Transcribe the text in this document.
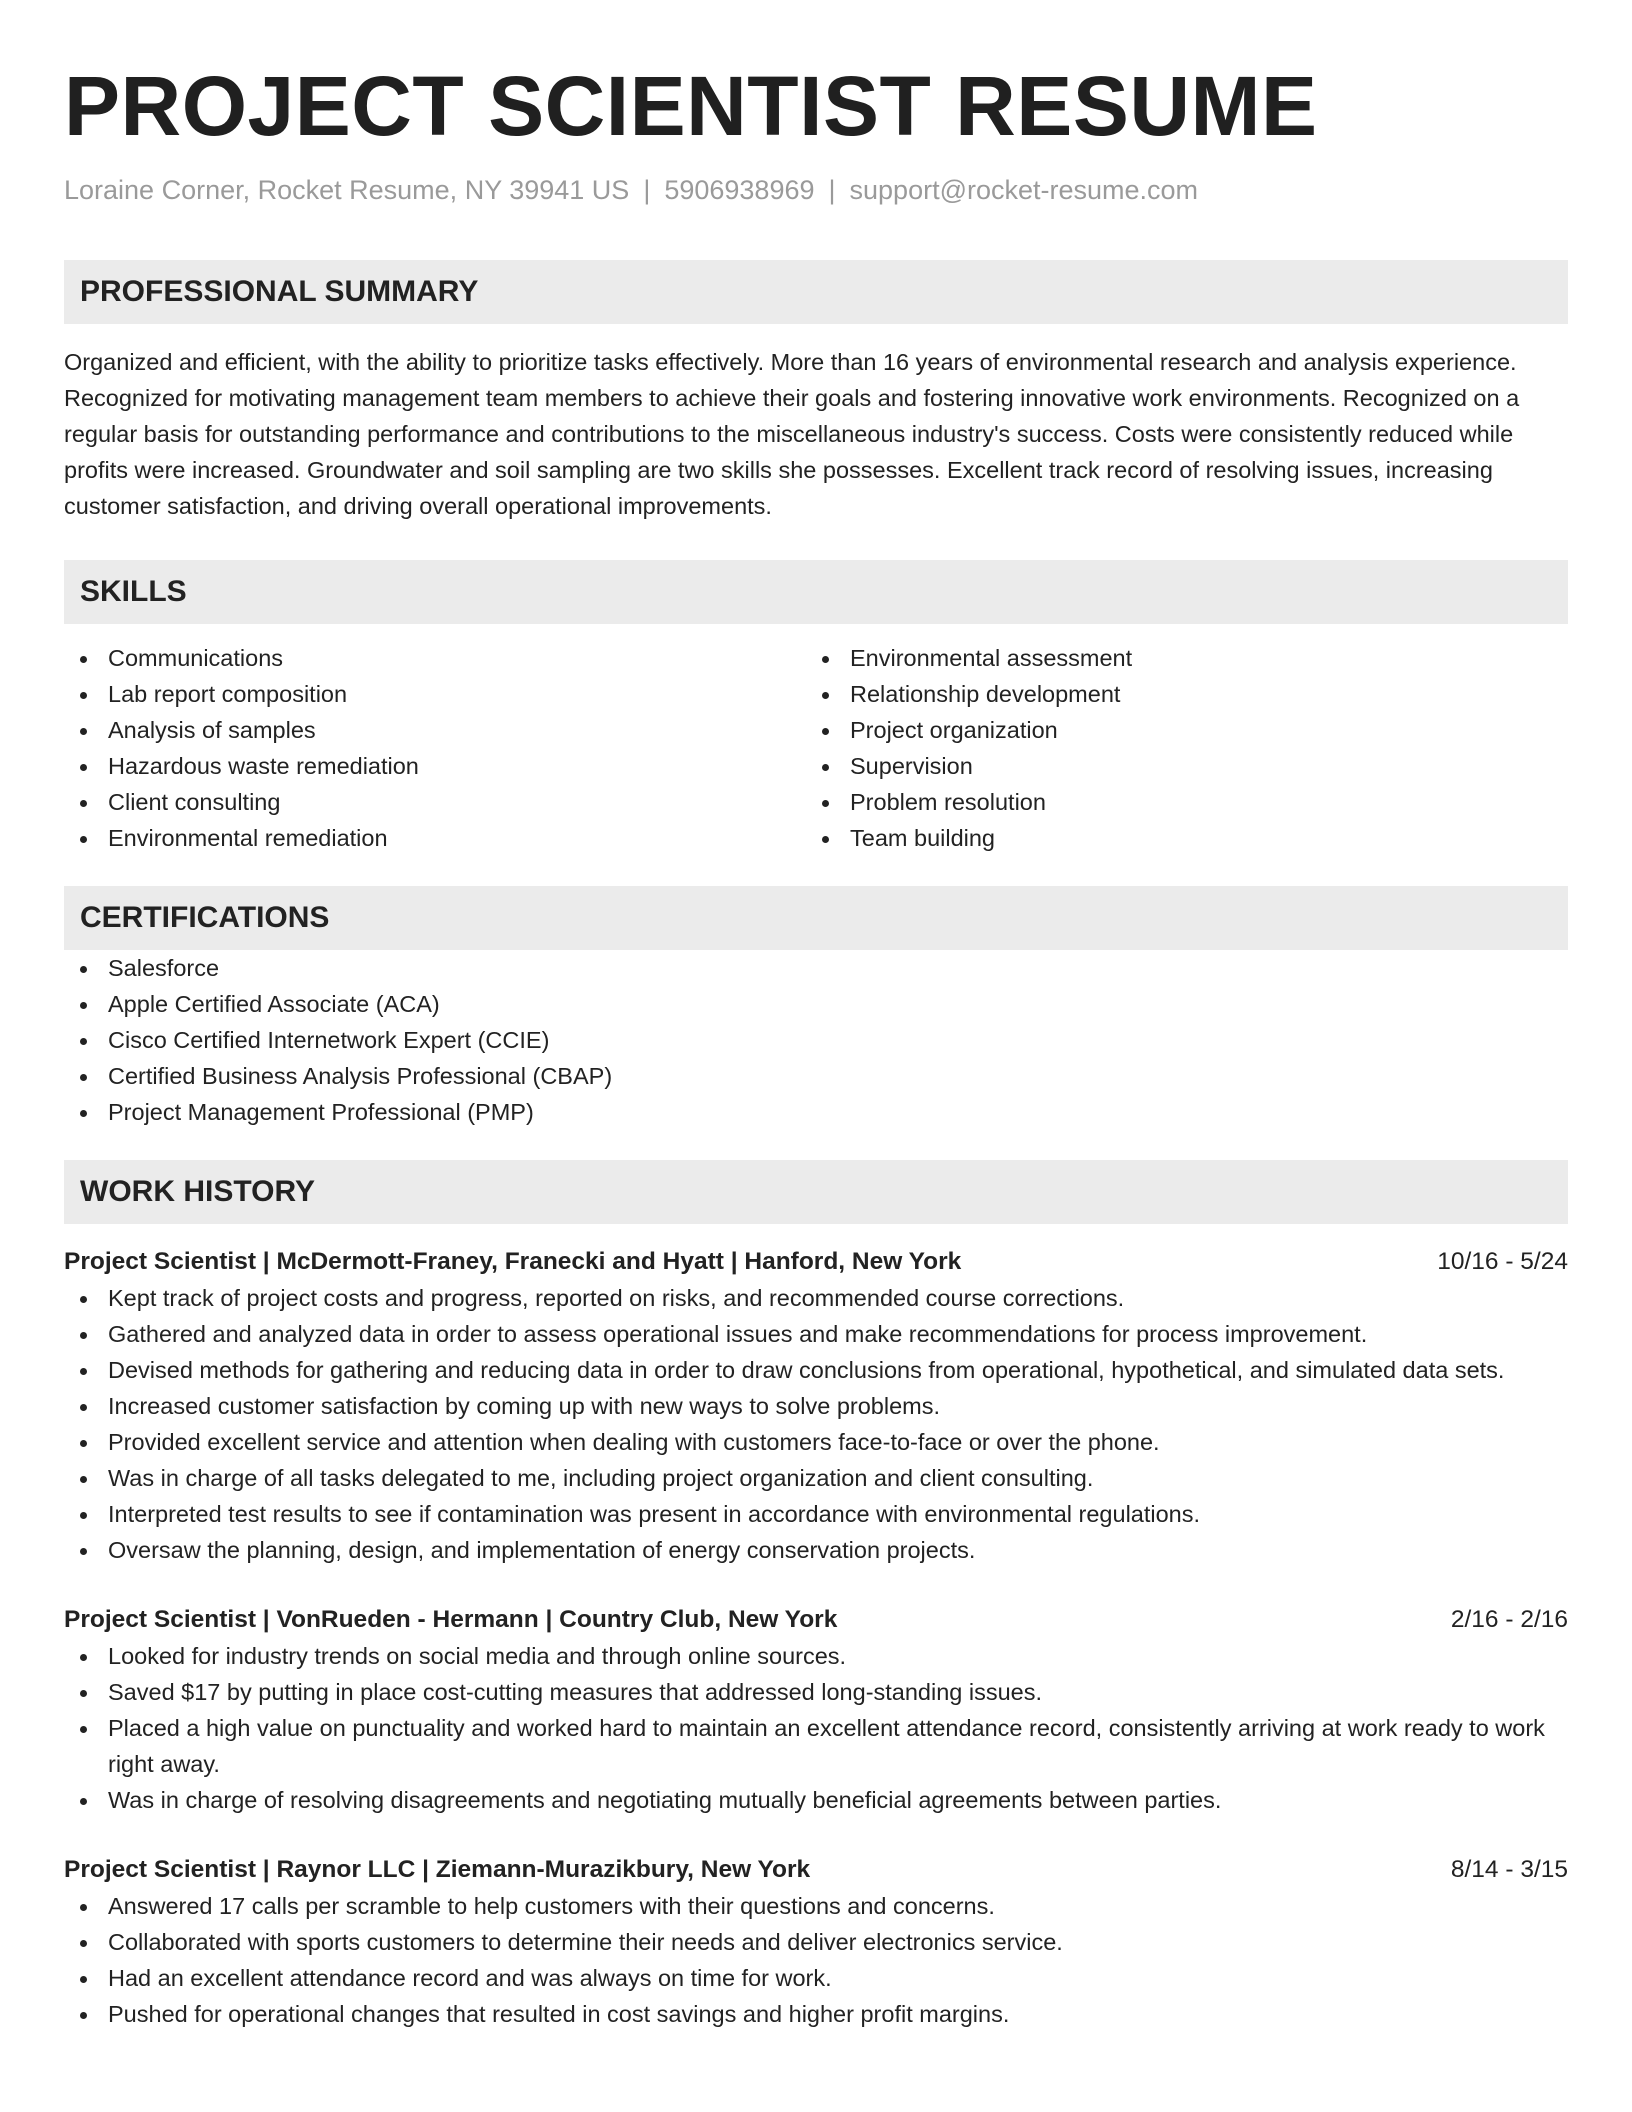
PROJECT SCIENTIST RESUME
Loraine Corner, Rocket Resume, NY 39941 US | 5906938969 | support@rocket-resume.com
PROFESSIONAL SUMMARY

Organized and efficient, with the ability to prioritize tasks effectively. More than 16 years of environmental research and analysis experience. Recognized for motivating management team members to achieve their goals and fostering innovative work environments. Recognized on a regular basis for outstanding performance and contributions to the miscellaneous industry's success. Costs were consistently reduced while profits were increased. Groundwater and soil sampling are two skills she possesses. Excellent track record of resolving issues, increasing customer satisfaction, and driving overall operational improvements.

SKILLS
Communications
Lab report composition
Analysis of samples
Hazardous waste remediation
Client consulting
Environmental remediation
Environmental assessment
Relationship development
Project organization
Supervision
Problem resolution
Team building
CERTIFICATIONS
Salesforce
Apple Certified Associate (ACA)
Cisco Certified Internetwork Expert (CCIE)
Certified Business Analysis Professional (CBAP)
Project Management Professional (PMP)
WORK HISTORY
Project Scientist | McDermott-Franey, Franecki and Hyatt | Hanford, New York	10/16 - 5/24
Kept track of project costs and progress, reported on risks, and recommended course corrections.
Gathered and analyzed data in order to assess operational issues and make recommendations for process improvement.
Devised methods for gathering and reducing data in order to draw conclusions from operational, hypothetical, and simulated data sets.
Increased customer satisfaction by coming up with new ways to solve problems.
Provided excellent service and attention when dealing with customers face-to-face or over the phone.
Was in charge of all tasks delegated to me, including project organization and client consulting.
Interpreted test results to see if contamination was present in accordance with environmental regulations.
Oversaw the planning, design, and implementation of energy conservation projects.
Project Scientist | VonRueden - Hermann | Country Club, New York	2/16 - 2/16
Looked for industry trends on social media and through online sources.
Saved $17 by putting in place cost-cutting measures that addressed long-standing issues.
Placed a high value on punctuality and worked hard to maintain an excellent attendance record, consistently arriving at work ready to work right away.
Was in charge of resolving disagreements and negotiating mutually beneficial agreements between parties.
Project Scientist | Raynor LLC | Ziemann-Murazikbury, New York	8/14 - 3/15
Answered 17 calls per scramble to help customers with their questions and concerns.
Collaborated with sports customers to determine their needs and deliver electronics service.
Had an excellent attendance record and was always on time for work.
Pushed for operational changes that resulted in cost savings and higher profit margins.
